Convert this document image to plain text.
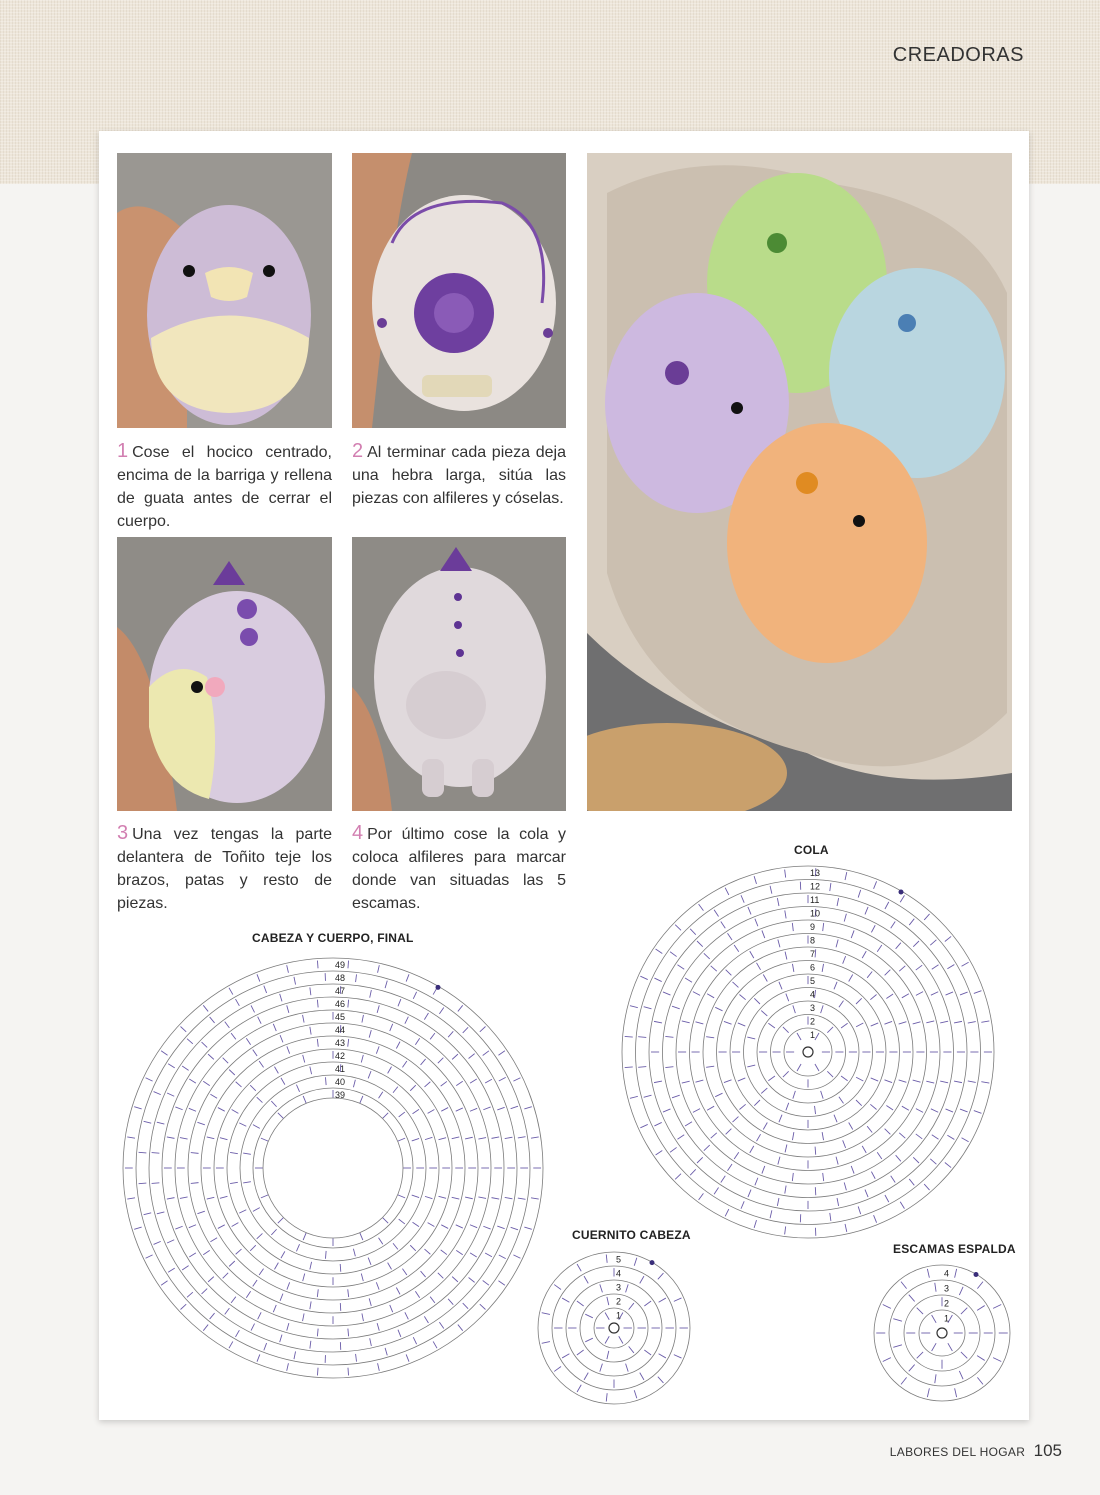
CREADORAS

1 Cose el hocico centrado, encima de la barriga y rellena de guata antes de cerrar el cuerpo.

2 Al terminar cada pieza deja una hebra larga, sitúa las piezas con alfileres y cóselas.

3 Una vez tengas la parte delantera de Toñito teje los brazos, patas y resto de piezas.

4 Por último cose la cola y coloca alfileres para marcar donde van situadas las 5 escamas.

CABEZA Y CUERPO, FINAL
COLA
CUERNITO CABEZA
ESCAMAS ESPALDA
49
48
47
46
45
44
43
42
41
40
39
13
12
11
10
9
8
7
6
5
4
3
2
1
5
4
3
2
1
4
3
2
1
LABORES DEL HOGAR 105
